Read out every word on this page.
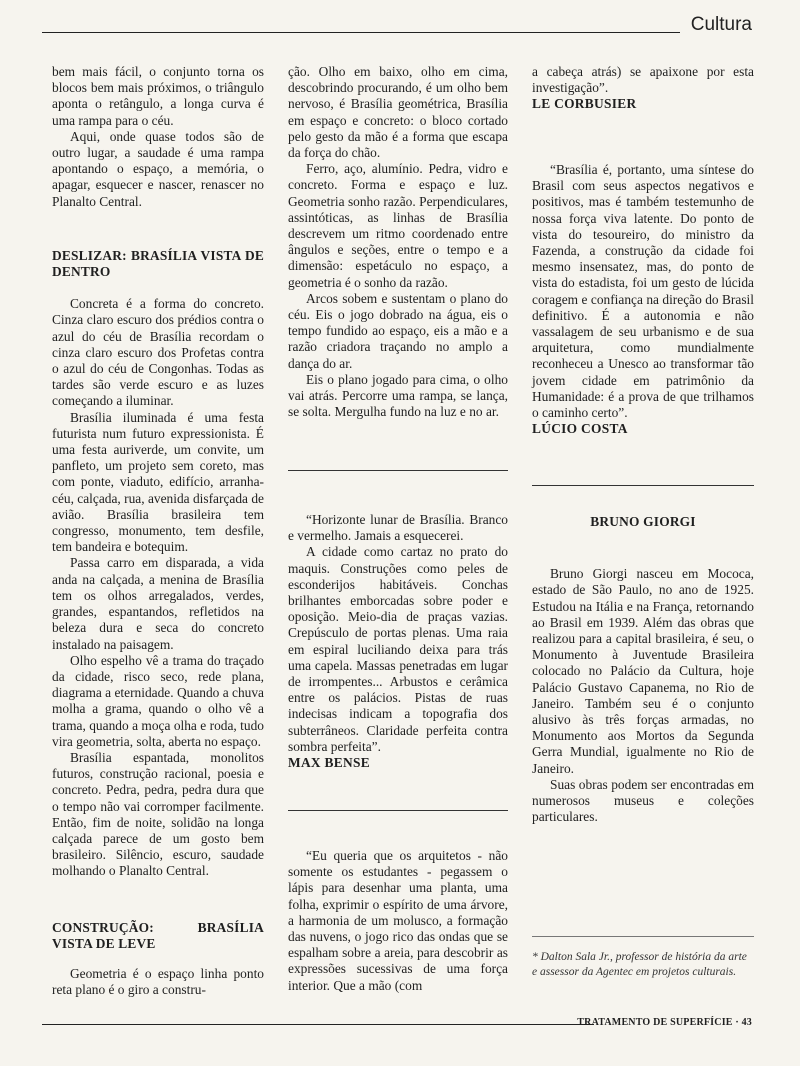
Cultura

bem mais fácil, o conjunto torna os blocos bem mais próximos, o triângulo aponta o retângulo, a longa curva é uma rampa para o céu.

Aqui, onde quase todos são de outro lugar, a saudade é uma rampa apontando o espaço, a memória, o apagar, esquecer e nascer, renascer no Planalto Central.

DESLIZAR: BRASÍLIA VISTA DE DENTRO

Concreta é a forma do concreto. Cinza claro escuro dos prédios contra o azul do céu de Brasília recordam o cinza claro escuro dos Profetas contra o azul do céu de Congonhas. Todas as tardes são verde escuro e as luzes começando a iluminar.

Brasília iluminada é uma festa futurista num futuro expressionista. É uma festa auriverde, um convite, um panfleto, um projeto sem coreto, mas com ponte, viaduto, edifício, arranha-céu, calçada, rua, avenida disfarçada de avião. Brasília brasileira tem congresso, monumento, tem desfile, tem bandeira e botequim.

Passa carro em disparada, a vida anda na calçada, a menina de Brasília tem os olhos arregalados, verdes, grandes, espantandos, refletidos na beleza dura e seca do concreto instalado na paisagem.

Olho espelho vê a trama do traçado da cidade, risco seco, rede plana, diagrama a eternidade. Quando a chuva molha a grama, quando o olho vê a trama, quando a moça olha e roda, tudo vira geometria, solta, aberta no espaço.

Brasília espantada, monolitos futuros, construção racional, poesia e concreto. Pedra, pedra, pedra dura que o tempo não vai corromper facilmente. Então, fim de noite, solidão na longa calçada parece de um gosto bem brasileiro. Silêncio, escuro, saudade molhando o Planalto Central.

CONSTRUÇÃO: BRASÍLIA VISTA DE LEVE

Geometria é o espaço linha ponto reta plano é o giro a constru-

ção. Olho em baixo, olho em cima, descobrindo procurando, é um olho bem nervoso, é Brasília geométrica, Brasília em espaço e concreto: o bloco cortado pelo gesto da mão é a forma que escapa da força do chão.

Ferro, aço, alumínio. Pedra, vidro e concreto. Forma e espaço e luz. Geometria sonho razão. Perpendiculares, assintóticas, as linhas de Brasília descrevem um ritmo coordenado entre ângulos e seções, entre o tempo e a dimensão: espetáculo no espaço, a geometria é o sonho da razão.

Arcos sobem e sustentam o plano do céu. Eis o jogo dobrado na água, eis o tempo fundido ao espaço, eis a mão e a razão criadora traçando no amplo a dança do ar.

Eis o plano jogado para cima, o olho vai atrás. Percorre uma rampa, se lança, se solta. Mergulha fundo na luz e no ar.

“Horizonte lunar de Brasília. Branco e vermelho. Jamais a esquecerei.

A cidade como cartaz no prato do maquis. Construções como peles de esconderijos habitáveis. Conchas brilhantes emborcadas sobre poder e oposição. Meio-dia de praças vazias. Crepúsculo de portas plenas. Uma raia em espiral luciliando deixa para trás uma capela. Massas penetradas em lugar de irrompentes... Arbustos e cerâmica entre os palácios. Pistas de ruas indecisas indicam a topografia dos subterrâneos. Claridade perfeita contra sombra perfeita”.

MAX BENSE

“Eu queria que os arquitetos - não somente os estudantes - pegassem o lápis para desenhar uma planta, uma folha, exprimir o espírito de uma árvore, a harmonia de um molusco, a formação das nuvens, o jogo rico das ondas que se espalham sobre a areia, para descobrir as expressões sucessivas de uma força interior. Que a mão (com

a cabeça atrás) se apaixone por esta investigação”.

LE CORBUSIER

“Brasília é, portanto, uma síntese do Brasil com seus aspectos negativos e positivos, mas é também testemunho de nossa força viva latente. Do ponto de vista do tesoureiro, do ministro da Fazenda, a construção da cidade foi mesmo insensatez, mas, do ponto de vista do estadista, foi um gesto de lúcida coragem e confiança na direção do Brasil definitivo. É a autonomia e não vassalagem de seu urbanismo e de sua arquitetura, como mundialmente reconheceu a Unesco ao transformar tão jovem cidade em patrimônio da Humanidade: é a prova de que trilhamos o caminho certo”.

LÚCIO COSTA
BRUNO GIORGI

Bruno Giorgi nasceu em Mococa, estado de São Paulo, no ano de 1925. Estudou na Itália e na França, retornando ao Brasil em 1939. Além das obras que realizou para a capital brasileira, é seu, o Monumento à Juventude Brasileira colocado no Palácio da Cultura, hoje Palácio Gustavo Capanema, no Rio de Janeiro. Também seu é o conjunto alusivo às três forças armadas, no Monumento aos Mortos da Segunda Gerra Mundial, igualmente no Rio de Janeiro.

Suas obras podem ser encontradas em numerosos museus e coleções particulares.

* Dalton Sala Jr., professor de história da arte e assessor da Agentec em projetos culturais.
TRATAMENTO DE SUPERFÍCIE · 43
